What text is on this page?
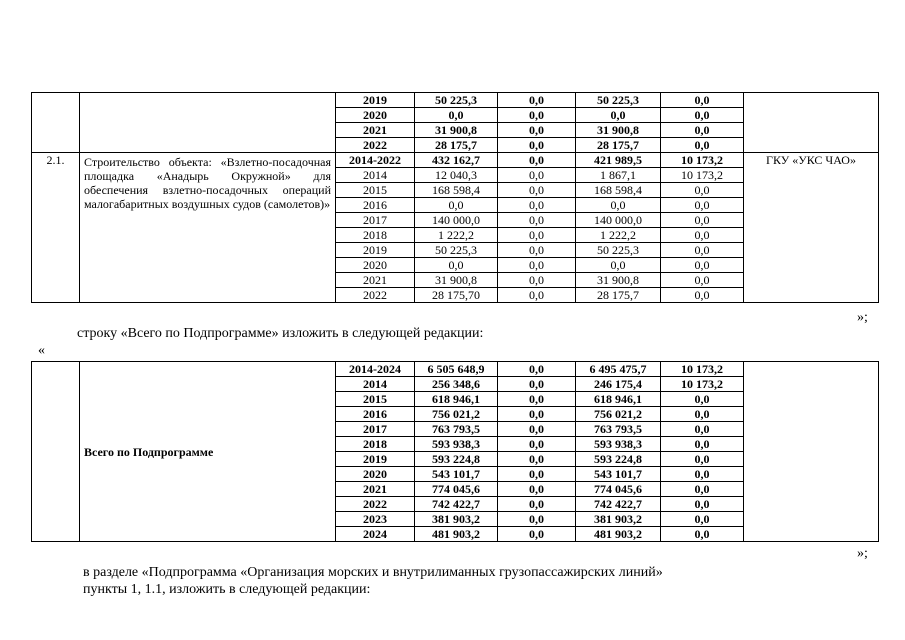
		2019	50 225,3	0,0	50 225,3	0,0	
		2020	0,0	0,0	0,0	0,0	
		2021	31 900,8	0,0	31 900,8	0,0	
		2022	28 175,7	0,0	28 175,7	0,0	
2.1.	Строительство объекта: «Взлетно-посадочная площадка «Анадырь Окружной» для обеспечения взлетно-посадочных операций малогабаритных воздушных судов (самолетов)»	2014-2022	432 162,7	0,0	421 989,5	10 173,2	ГКУ «УКС ЧАО»
		2014	12 040,3	0,0	1 867,1	10 173,2	
		2015	168 598,4	0,0	168 598,4	0,0	
		2016	0,0	0,0	0,0	0,0	
		2017	140 000,0	0,0	140 000,0	0,0	
		2018	1 222,2	0,0	1 222,2	0,0	
		2019	50 225,3	0,0	50 225,3	0,0	
		2020	0,0	0,0	0,0	0,0	
		2021	31 900,8	0,0	31 900,8	0,0	
		2022	28 175,70	0,0	28 175,7	0,0	
»;
строку «Всего по Подпрограмме» изложить в следующей редакции:
«
	Всего по Подпрограмме	2014-2024	6 505 648,9	0,0	6 495 475,7	10 173,2	
		2014	256 348,6	0,0	246 175,4	10 173,2	
		2015	618 946,1	0,0	618 946,1	0,0	
		2016	756 021,2	0,0	756 021,2	0,0	
		2017	763 793,5	0,0	763 793,5	0,0	
		2018	593 938,3	0,0	593 938,3	0,0	
		2019	593 224,8	0,0	593 224,8	0,0	
		2020	543 101,7	0,0	543 101,7	0,0	
		2021	774 045,6	0,0	774 045,6	0,0	
		2022	742 422,7	0,0	742 422,7	0,0	
		2023	381 903,2	0,0	381 903,2	0,0	
		2024	481 903,2	0,0	481 903,2	0,0	
»;
в разделе «Подпрограмма «Организация морских и внутрилиманных грузопассажирских линий»
пункты 1, 1.1, изложить в следующей редакции:
